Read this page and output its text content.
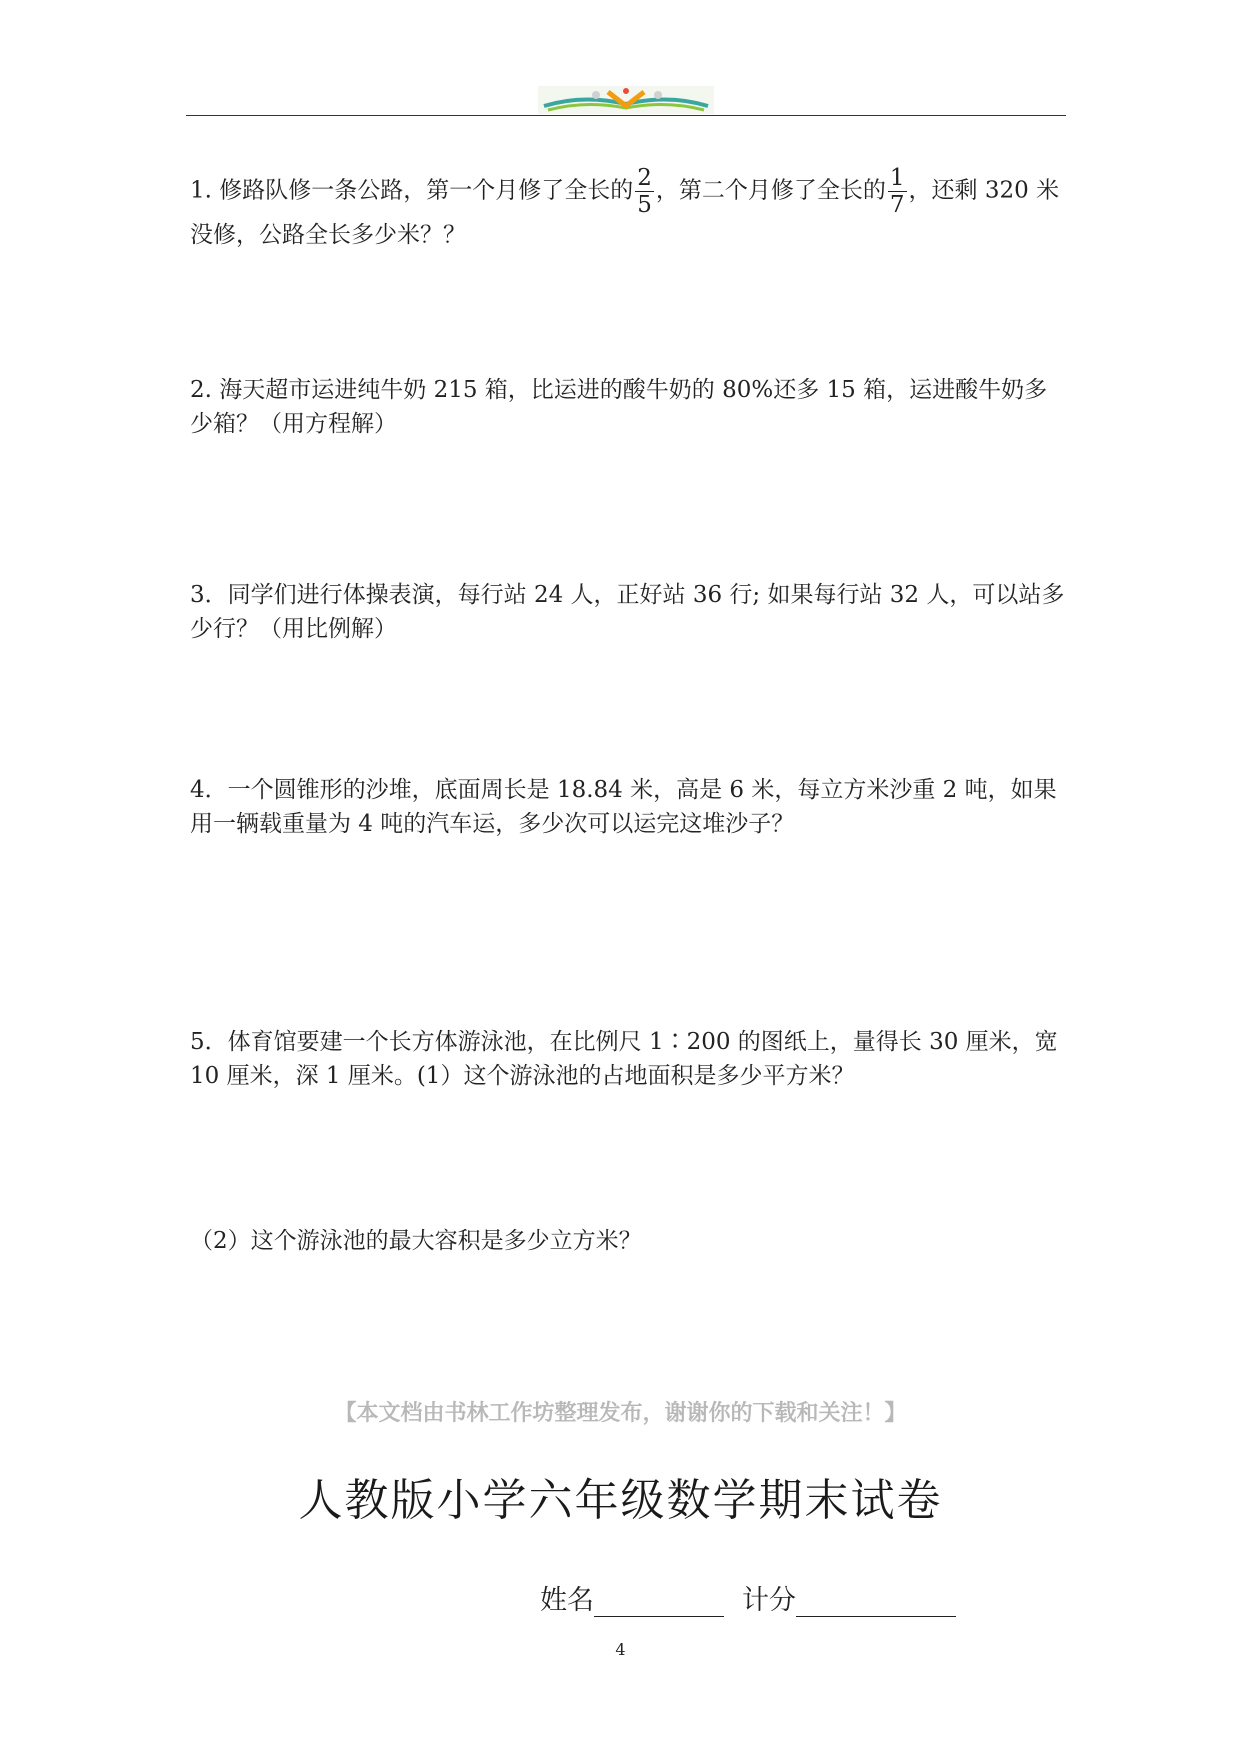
1. 修路队修一条公路，第一个月修了全长的 $\frac{2}{5}$ ，第二个月修了全长的 $\frac{1}{7}$ ，还剩 320 米没修，公路全长多少米？？
2. 海天超市运进纯牛奶 215 箱，比运进的酸牛奶的 80%还多 15 箱，运进酸牛奶多少箱？（用方程解）
3．同学们进行体操表演，每行站 24 人，正好站 36 行; 如果每行站 32 人，可以站多少行？（用比例解）
4．一个圆锥形的沙堆，底面周长是 18.84 米，高是 6 米，每立方米沙重 2 吨，如果用一辆载重量为 4 吨的汽车运，多少次可以运完这堆沙子？
5．体育馆要建一个长方体游泳池，在比例尺 1∶200 的图纸上，量得长 30 厘米，宽 10 厘米，深 1 厘米。(1）这个游泳池的占地面积是多少平方米？
（2）这个游泳池的最大容积是多少立方米？
【本文档由书林工作坊整理发布，谢谢你的下载和关注！】
人教版小学六年级数学期末试卷
姓名	计分
4
